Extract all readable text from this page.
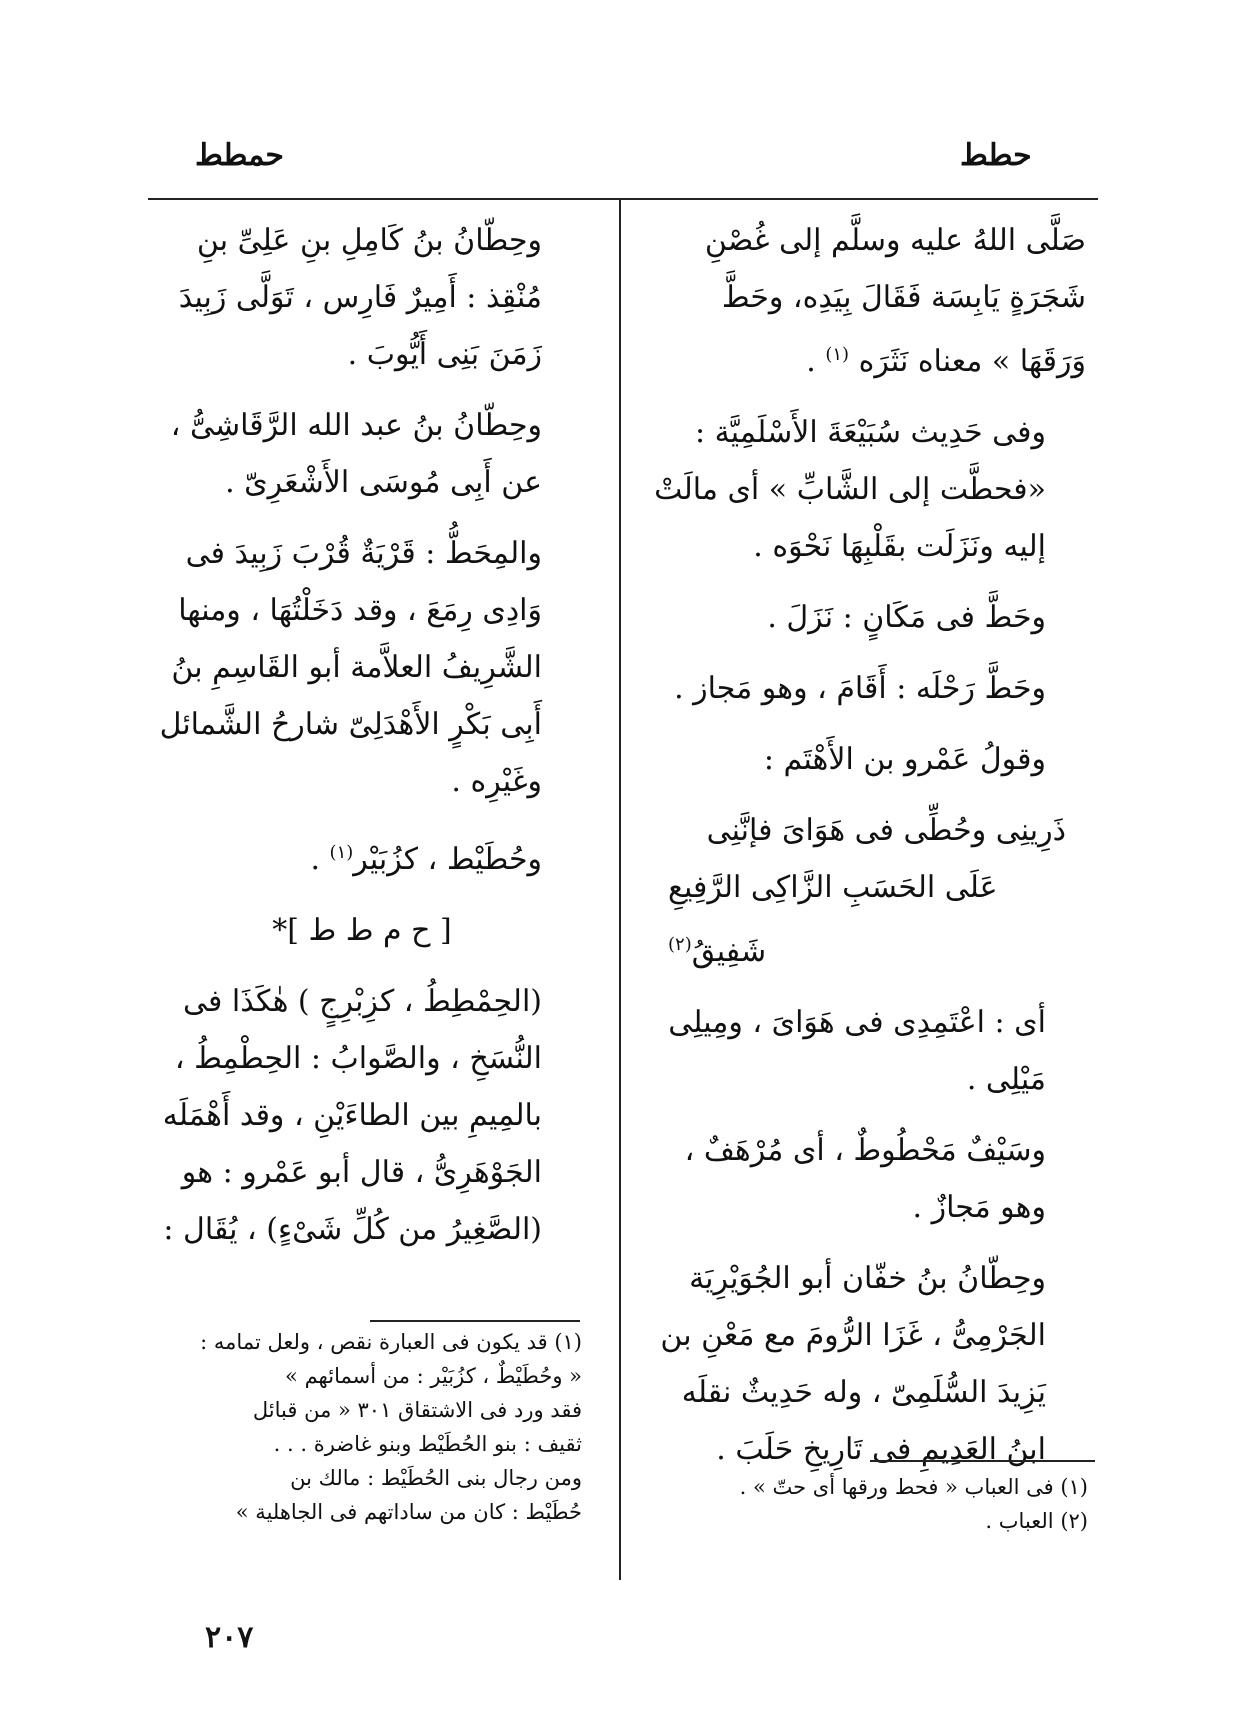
حطط
حمطط

صَلَّى اللهُ عليه وسلَّم إلى غُصْنِ شَجَرَةٍ يَابِسَة فَقَالَ بِيَدِه، وحَطَّ وَرَقَهَا » معناه نَثَرَه $^{(١)}$ .

وفى حَدِيث سُبَيْعَةَ الأَسْلَمِيَّة : «فحطَّت إلى الشَّابِّ » أى مالَتْ إليه ونَزَلَت بقَلْبِهَا نَحْوَه .

وحَطَّ فى مَكَانٍ : نَزَلَ .

وحَطَّ رَحْلَه : أَقَامَ ، وهو مَجاز .

وقولُ عَمْرو بن الأَهْتَم :

ذَرِينِى وحُطِّى فى هَوَاىَ فإنَّنِى
عَلَى الحَسَبِ الزَّاكِى الرَّفِيعِ شَفِيقُ$^{(٢)}$

أى : اعْتَمِدِى فى هَوَاىَ ، ومِيلِى مَيْلِى .

وسَيْفٌ مَحْطُوطٌ ، أى مُرْهَفٌ ، وهو مَجازٌ .

وحِطّانُ بنُ خفّان أبو الجُوَيْرِيَة الجَرْمِىُّ ، غَزَا الرُّومَ مع مَعْنِ بن يَزِيدَ السُّلَمِىّ ، وله حَدِيثٌ نقلَه ابنُ العَدِيمِ فى تَارِيخِ حَلَبَ .

(١) فى العباب « فحط ورقها أى حتّ » .
(٢) العباب .

وحِطّانُ بنُ كَامِلِ بنِ عَلِىِّ بنِ مُنْقِذ : أَمِيرٌ فَارِس ، تَوَلَّى زَبِيدَ زَمَنَ بَنِى أَيُّوبَ .

وحِطّانُ بنُ عبد الله الرَّقَاشِىُّ ، عن أَبِى مُوسَى الأَشْعَرِىّ .

والمِحَطُّ : قَرْيَةٌ قُرْبَ زَبِيدَ فى وَادِى رِمَعَ ، وقد دَخَلْتُهَا ، ومنها الشَّرِيفُ العلاَّمة أبو القَاسِمِ بنُ أَبِى بَكْرٍ الأَهْدَلِىّ شارحُ الشَّمائل وغَيْرِه .

وحُطَيْط ، كزُبَيْر$^{(١)}$ .

[ ح م ط ط ]*

(الحِمْطِطُ ، كزِبْرِجٍ ) هٰكَذَا فى النُّسَخِ ، والصَّوابُ : الحِطْمِطُ ، بالمِيمِ بين الطاءَيْنِ ، وقد أَهْمَلَه الجَوْهَرِىُّ ، قال أبو عَمْرو : هو (الصَّغِيرُ من كُلِّ شَىْءٍ) ، يُقَال :

(١) قد يكون فى العبارة نقص ، ولعل تمامه :
« وحُطَيْطٌ ، كزُبَيْر : من أسمائهم »
فقد ورد فى الاشتقاق ٣٠١ « من قبائل
ثقيف : بنو الحُطَيْط وبنو غاضرة . . .
ومن رجال بنى الحُطَيْط : مالك بن
حُطَيْط : كان من ساداتهم فى الجاهلية »
٢٠٧
